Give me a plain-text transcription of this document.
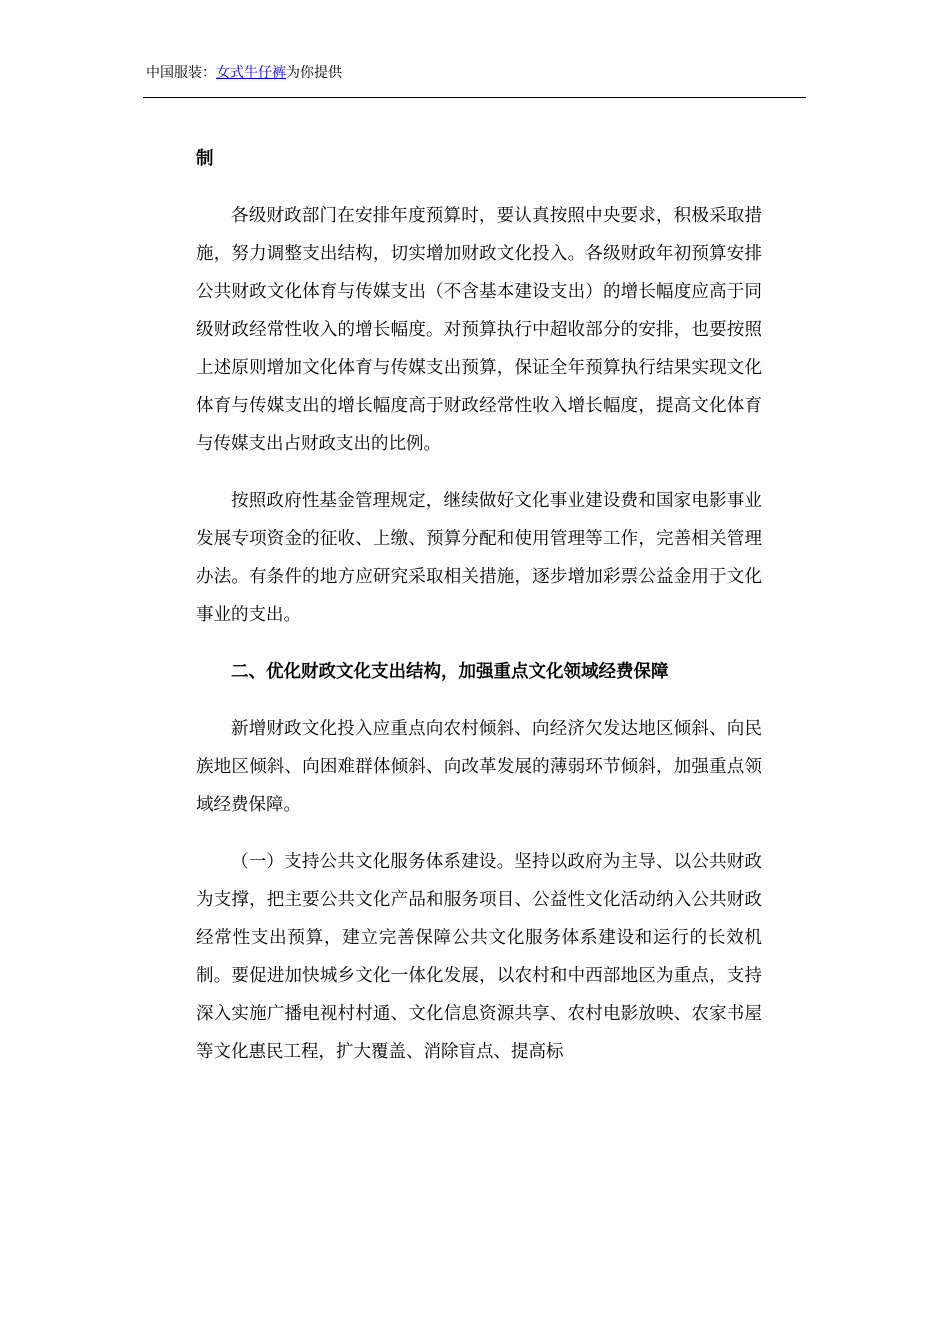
中国服装：女式牛仔裤为你提供

制

各级财政部门在安排年度预算时，要认真按照中央要求，积极采取措施，努力调整支出结构，切实增加财政文化投入。各级财政年初预算安排公共财政文化体育与传媒支出（不含基本建设支出）的增长幅度应高于同级财政经常性收入的增长幅度。对预算执行中超收部分的安排，也要按照上述原则增加文化体育与传媒支出预算，保证全年预算执行结果实现文化体育与传媒支出的增长幅度高于财政经常性收入增长幅度，提高文化体育与传媒支出占财政支出的比例。

按照政府性基金管理规定，继续做好文化事业建设费和国家电影事业发展专项资金的征收、上缴、预算分配和使用管理等工作，完善相关管理办法。有条件的地方应研究采取相关措施，逐步增加彩票公益金用于文化事业的支出。

二、优化财政文化支出结构，加强重点文化领域经费保障

新增财政文化投入应重点向农村倾斜、向经济欠发达地区倾斜、向民族地区倾斜、向困难群体倾斜、向改革发展的薄弱环节倾斜，加强重点领域经费保障。

（一）支持公共文化服务体系建设。坚持以政府为主导、以公共财政为支撑，把主要公共文化产品和服务项目、公益性文化活动纳入公共财政经常性支出预算，建立完善保障公共文化服务体系建设和运行的长效机制。要促进加快城乡文化一体化发展，以农村和中西部地区为重点，支持深入实施广播电视村村通、文化信息资源共享、农村电影放映、农家书屋等文化惠民工程，扩大覆盖、消除盲点、提高标
